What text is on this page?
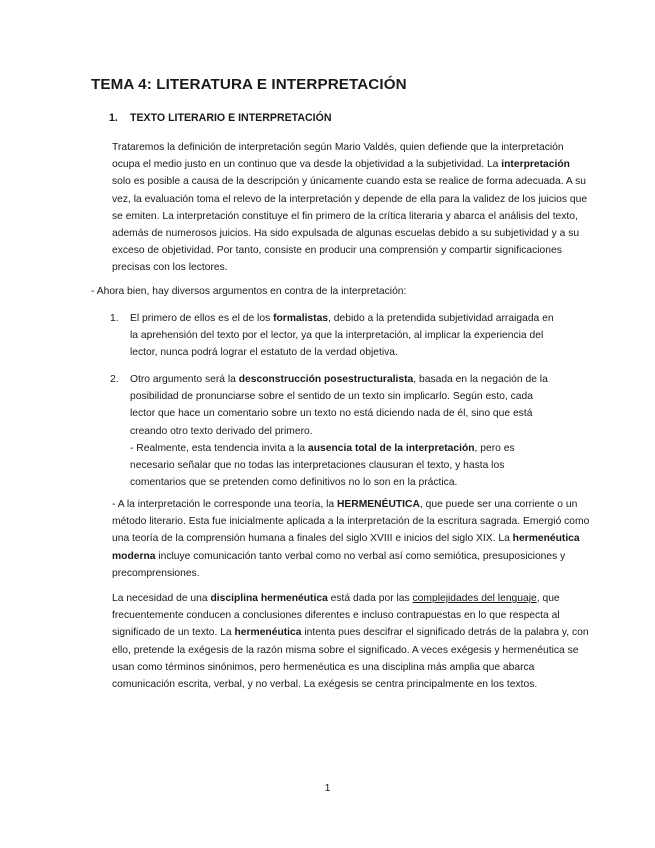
TEMA 4: LITERATURA E INTERPRETACIÓN
1. TEXTO LITERARIO E INTERPRETACIÓN

Trataremos la definición de interpretación según Mario Valdés, quien defiende que la interpretación ocupa el medio justo en un continuo que va desde la objetividad a la subjetividad. La interpretación solo es posible a causa de la descripción y únicamente cuando esta se realice de forma adecuada. A su vez, la evaluación toma el relevo de la interpretación y depende de ella para la validez de los juicios que se emiten. La interpretación constituye el fin primero de la crítica literaria y abarca el análisis del texto, además de numerosos juicios. Ha sido expulsada de algunas escuelas debido a su subjetividad y a su exceso de objetividad. Por tanto, consiste en producir una comprensión y compartir significaciones precisas con los lectores.

- Ahora bien, hay diversos argumentos en contra de la interpretación:

1. El primero de ellos es el de los formalistas, debido a la pretendida subjetividad arraigada en la aprehensión del texto por el lector, ya que la interpretación, al implicar la experiencia del lector, nunca podrá lograr el estatuto de la verdad objetiva.
2. Otro argumento será la desconstrucción posestructuralista, basada en la negación de la posibilidad de pronunciarse sobre el sentido de un texto sin implicarlo. Según esto, cada lector que hace un comentario sobre un texto no está diciendo nada de él, sino que está creando otro texto derivado del primero.
- Realmente, esta tendencia invita a la ausencia total de la interpretación, pero es necesario señalar que no todas las interpretaciones clausuran el texto, y hasta los comentarios que se pretenden como definitivos no lo son en la práctica.

- A la interpretación le corresponde una teoría, la HERMENÉUTICA, que puede ser una corriente o un método literario. Esta fue inicialmente aplicada a la interpretación de la escritura sagrada. Emergió como una teoría de la comprensión humana a finales del siglo XVIII e inicios del siglo XIX. La hermenéutica moderna incluye comunicación tanto verbal como no verbal así como semiótica, presuposiciones y precomprensiones.

La necesidad de una disciplina hermenéutica está dada por las complejidades del lenguaje, que frecuentemente conducen a conclusiones diferentes e incluso contrapuestas en lo que respecta al significado de un texto. La hermenéutica intenta pues descifrar el significado detrás de la palabra y, con ello, pretende la exégesis de la razón misma sobre el significado. A veces exégesis y hermenéutica se usan como términos sinónimos, pero hermenéutica es una disciplina más amplia que abarca comunicación escrita, verbal, y no verbal. La exégesis se centra principalmente en los textos.

1
